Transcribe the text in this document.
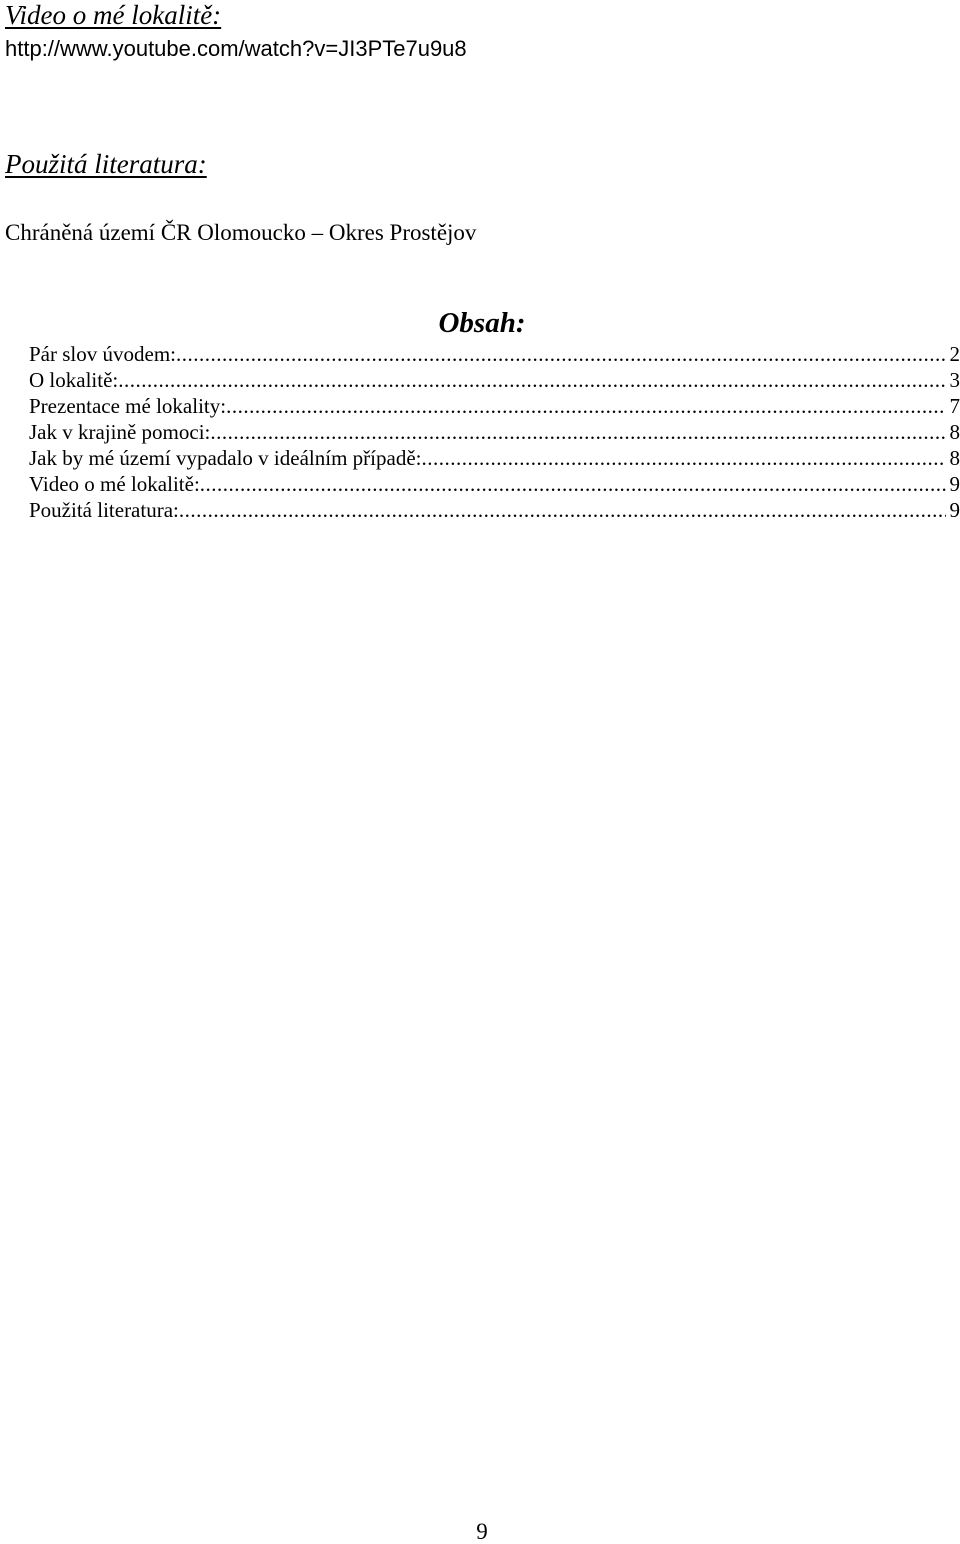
Video o mé lokalitě:
http://www.youtube.com/watch?v=JI3PTe7u9u8
Použitá literatura:
Chráněná území ČR Olomoucko – Okres Prostějov
Obsah:
Pár slov úvodem: .....	2
O lokalitě: .....	3
Prezentace mé lokality: .....	7
Jak v krajině pomoci: .....	8
Jak by mé území vypadalo v ideálním případě: .....	8
Video o mé lokalitě: .....	9
Použitá literatura: .....	9
9
